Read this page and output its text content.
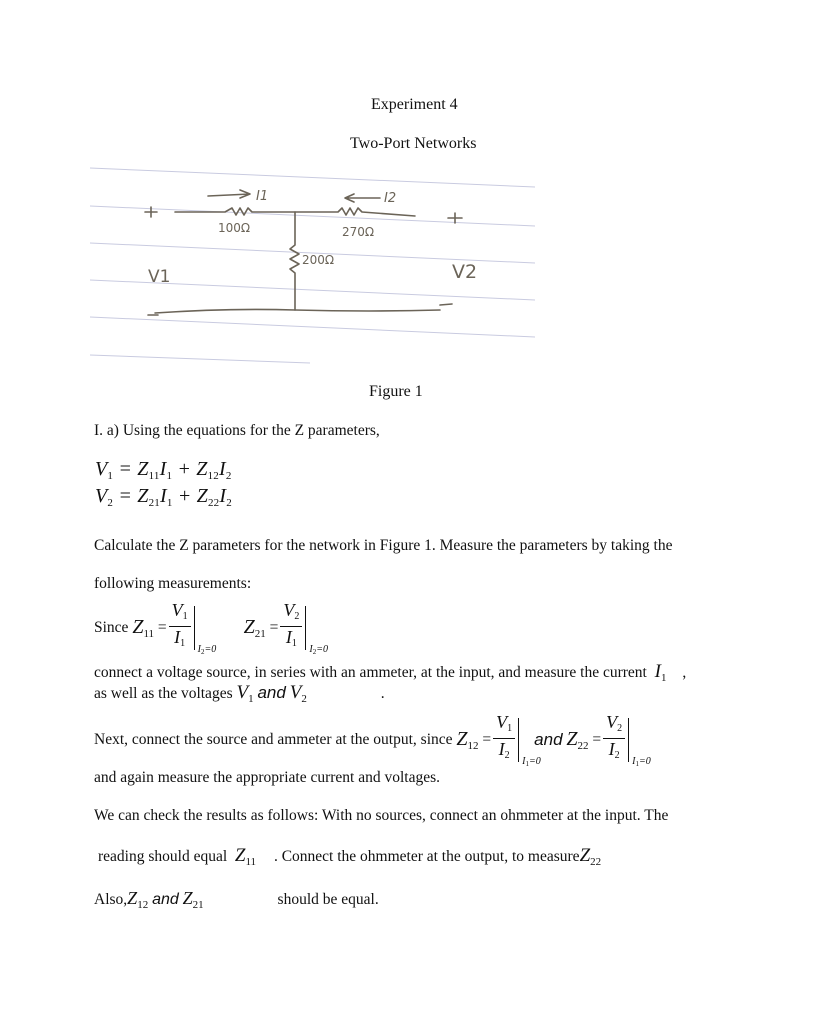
Experiment 4
Two-Port Networks
I1	I2
100Ω	270Ω
200Ω
V1	V2
Figure 1
I. a) Using the equations for the Z parameters,
$V_1 = Z_{11}I_1 + Z_{12}I_2$
$V_2 = Z_{21}I_1 + Z_{22}I_2$
Calculate the Z parameters for the network in Figure 1. Measure the parameters by taking the
following measurements:
Since
$Z_{11} = \frac{V_1}{I_1} I_2=0$
$Z_{21} = \frac{V_2}{I_1} I_2=0$
connect a voltage source, in series with an ammeter, at the input, and measure the current $I_1$ ,
as well as the voltages $V_1$ and $V_2$	.
Next, connect the source and ammeter at the output, since
$Z_{12} = \frac{V_1}{I_2} I_1=0$
and
$Z_{22} = \frac{V_2}{I_2} I_1=0$
and again measure the appropriate current and voltages.
We can check the results as follows: With no sources, connect an ohmmeter at the input. The
reading should equal $Z_{11}$ . Connect the ohmmeter at the output, to measureZ$_{22}$
$Also,Z_{12}$ and $Z_{21}$	should be equal.
